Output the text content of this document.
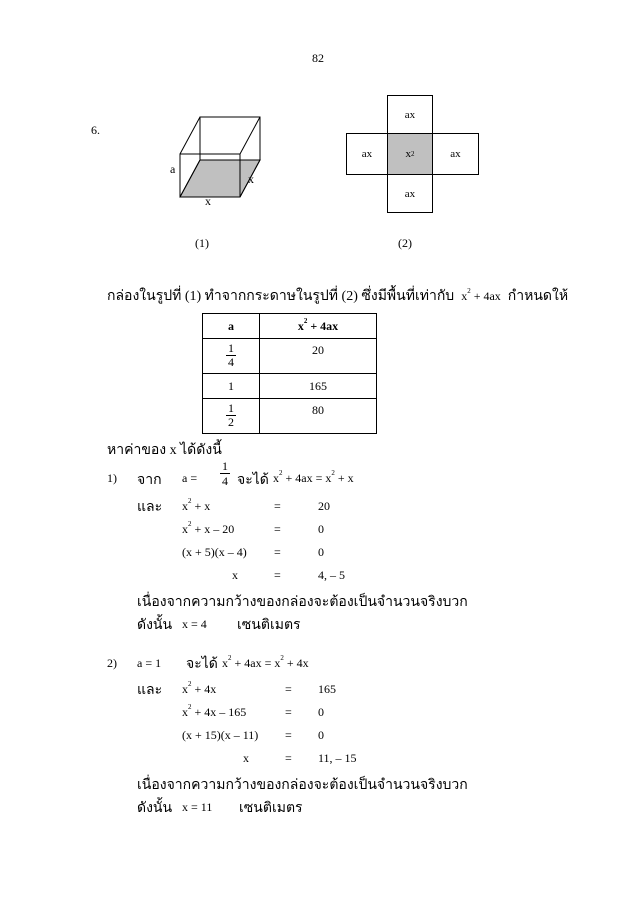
82
6.
a
x
x
(1)
ax
ax	x 2	ax
ax
(2)
กล่องในรูปที่ (1) ทำจากกระดาษในรูปที่ (2) ซึ่งมีพื้นที่เท่ากับ $x^2 + 4ax$ กำหนดให้
a	$x^2 + 4ax$

$\frac{1}{4}$	20
1	165

$\frac{1}{2}$	80
หาค่าของ x ได้ดังนี้
1) จาก $a = \frac{1}{4}$ จะได้ $x^2 + 4ax = x^2 + x$
และ $x^2 + x$	=	20
$x^2 + x - 20$	=	0
(x + 5)(x – 4) =	0
x	=	4, – 5
เนื่องจากความกว้างของกล่องจะต้องเป็นจำนวนจริงบวก
ดังนั้น x = 4 เซนติเมตร
2) a = 1 จะได้ $x^2 + 4ax = x^2 + 4x$
และ $x^2 + 4x$	= 165
$x^2 + 4x - 165$	= 0
(x + 15)(x – 11) = 0
x	= 11, – 15
เนื่องจากความกว้างของกล่องจะต้องเป็นจำนวนจริงบวก
ดังนั้น x = 11 เซนติเมตร
